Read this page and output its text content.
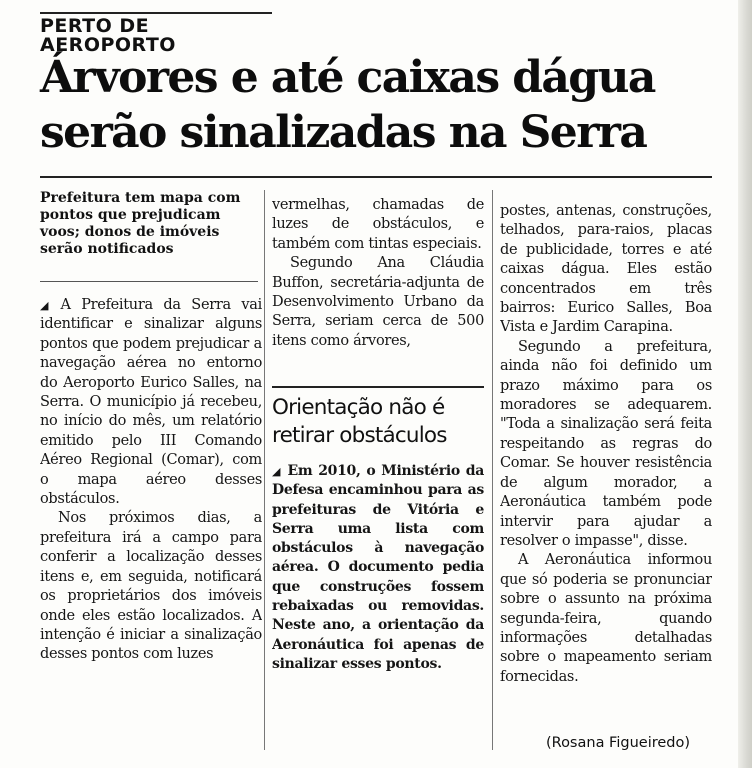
PERTO DE AEROPORTO
Árvores e até caixas dágua
serão sinalizadas na Serra
Prefeitura tem mapa com pontos que prejudicam voos; donos de imóveis serão notificados

◢ A Prefeitura da Serra vai identificar e sinalizar alguns pontos que podem prejudicar a navegação aérea no entorno do Aeroporto Eurico Salles, na Serra. O município já recebeu, no início do mês, um relatório emitido pelo III Comando Aéreo Regional (Comar), com o mapa aéreo desses obstáculos.

Nos próximos dias, a prefeitura irá a campo para conferir a localização desses itens e, em seguida, notificará os proprietários dos imóveis onde eles estão localizados. A intenção é iniciar a sinalização desses pontos com luzes

vermelhas, chamadas de luzes de obstáculos, e também com tintas especiais.

Segundo Ana Cláudia Buffon, secretária-adjunta de Desenvolvimento Urbano da Serra, seriam cerca de 500 itens como árvores,

Orientação não é retirar obstáculos
◢ Em 2010, o Ministério da Defesa encaminhou para as prefeituras de Vitória e Serra uma lista com obstáculos à navegação aérea. O documento pedia que construções fossem rebaixadas ou removidas. Neste ano, a orientação da Aeronáutica foi apenas de sinalizar esses pontos.

postes, antenas, construções, telhados, para-raios, placas de publicidade, torres e até caixas dágua. Eles estão concentrados em três bairros: Eurico Salles, Boa Vista e Jardim Carapina.

Segundo a prefeitura, ainda não foi definido um prazo máximo para os moradores se adequarem. "Toda a sinalização será feita respeitando as regras do Comar. Se houver resistência de algum morador, a Aeronáutica também pode intervir para ajudar a resolver o impasse", disse.

A Aeronáutica informou que só poderia se pronunciar sobre o assunto na próxima segunda-feira, quando informações detalhadas sobre o mapeamento seriam fornecidas.

(Rosana Figueiredo)
